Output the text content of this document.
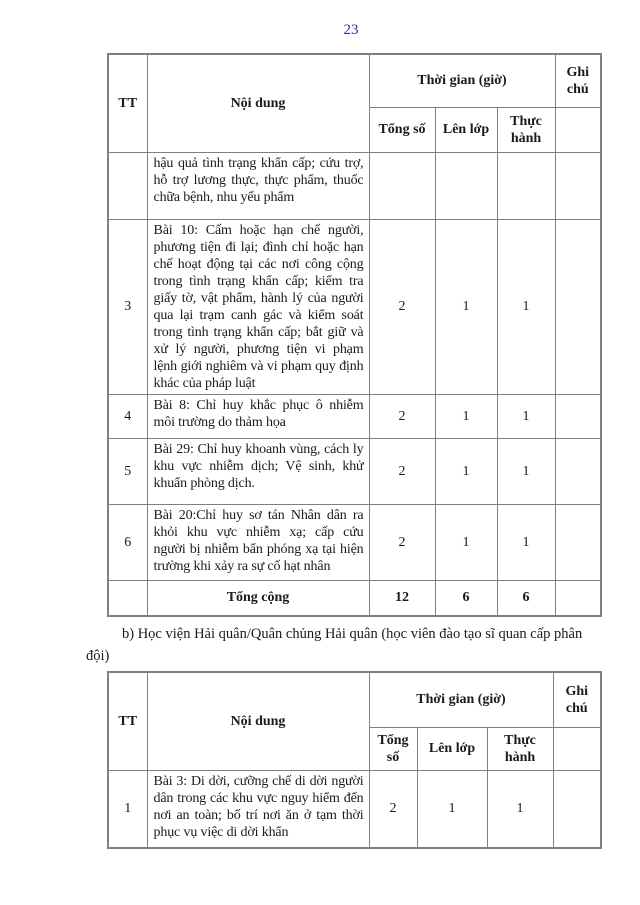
23
TT	Nội dung	Thời gian (giờ)			Ghi chú
		Tổng số	Lên lớp	Thực hành	
	hậu quả tình trạng khẩn cấp; cứu trợ, hỗ trợ lương thực, thực phẩm, thuốc chữa bệnh, nhu yếu phẩm				
3	Bài 10: Cấm hoặc hạn chế người, phương tiện đi lại; đình chỉ hoặc hạn chế hoạt động tại các nơi công cộng trong tình trạng khẩn cấp; kiểm tra giấy tờ, vật phẩm, hành lý của người qua lại trạm canh gác và kiểm soát trong tình trạng khẩn cấp; bắt giữ và xử lý người, phương tiện vi phạm lệnh giới nghiêm và vi phạm quy định khác của pháp luật	2	1	1	
4	Bài 8: Chỉ huy khắc phục ô nhiễm môi trường do thảm họa	2	1	1	
5	Bài 29: Chỉ huy khoanh vùng, cách ly khu vực nhiễm dịch; Vệ sinh, khử khuẩn phòng dịch.	2	1	1	
6	Bài 20:Chỉ huy sơ tán Nhân dân ra khỏi khu vực nhiễm xạ; cấp cứu người bị nhiễm bẩn phóng xạ tại hiện trường khi xảy ra sự cố hạt nhân	2	1	1	
	Tổng cộng	12	6	6	

b) Học viện Hải quân/Quân chủng Hải quân (học viên đào tạo sĩ quan cấp phân đội)

TT	Nội dung	Thời gian (giờ)			Ghi chú
		Tổng số	Lên lớp	Thực hành	
1	Bài 3: Di dời, cưỡng chế di dời người dân trong các khu vực nguy hiểm đến nơi an toàn; bố trí nơi ăn ở tạm thời phục vụ việc di dời khẩn	2	1	1	
